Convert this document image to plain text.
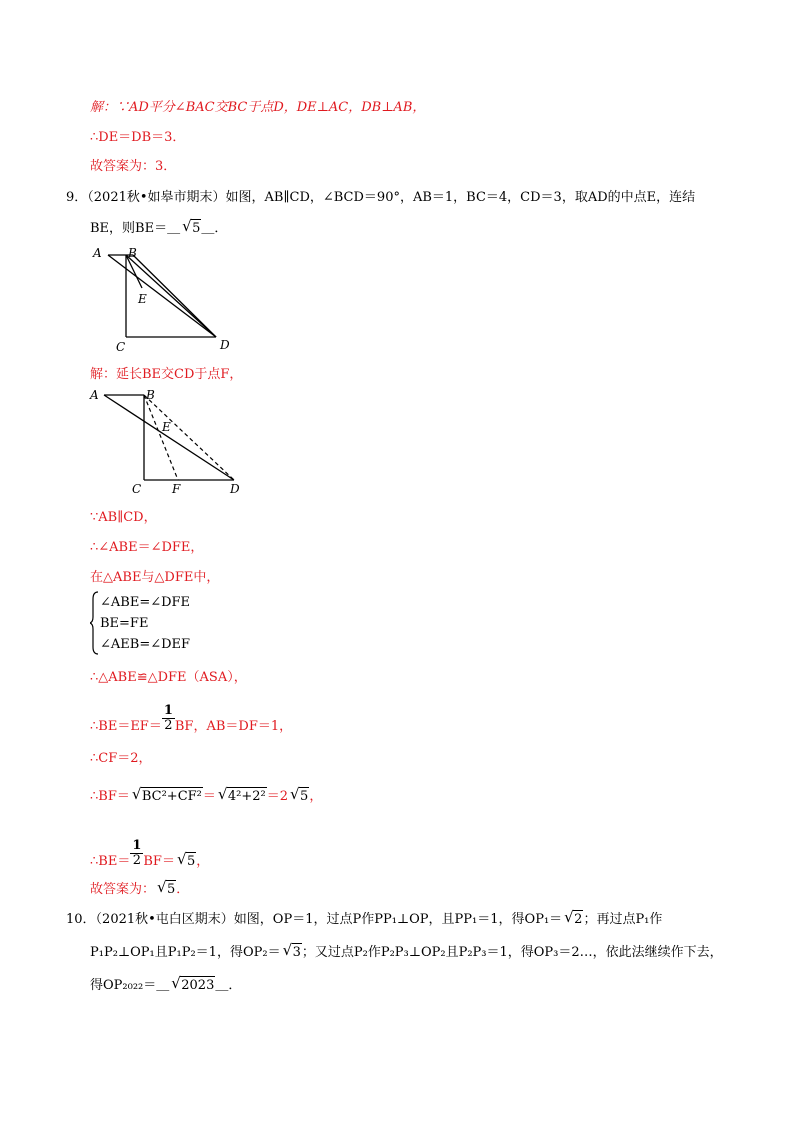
解：∵AD平分∠BAC交BC于点D，DE⊥AC，DB⊥AB，
∴DE＝DB＝3．
故答案为：3．
9．（2021秋•如皋市期末）如图，AB∥CD，∠BCD＝90°，AB＝1，BC＝4，CD＝3，取AD的中点E，连结
BE，则BE＝＿ √ 5＿．
A B
E
C	D
解：延长BE交CD于点F，
A	B
E
C	F	D
∵AB∥CD，
∴∠ABE＝∠DFE，
在△ABE与△DFE中，
∠ABE=∠DFE
BE=FE
∠AEB=∠DEF
∴△ABE≌△DFE（ASA），
∴BE＝EF＝ $\frac{1}{2}$ BF，AB＝DF＝1，
∴CF＝2，
∴BF＝ √ BC²+CF²＝ √ 4²+2²＝2 √ 5，
∴BE＝ $\frac{1}{2} BF=$ √ 5，
故答案为： √ 5．
10．（2021秋•屯白区期末）如图，OP＝1，过点P作PP₁⊥OP，且PP₁＝1，得OP₁＝ √ 2；再过点P₁作
P₁P₂⊥OP₁且P₁P₂＝1，得OP₂＝ √ 3；又过点P₂作P₂P₃⊥OP₂且P₂P₃＝1，得OP₃＝2…，依此法继续作下去，
得OP₂₀₂₂＝＿ √ 2023＿．
